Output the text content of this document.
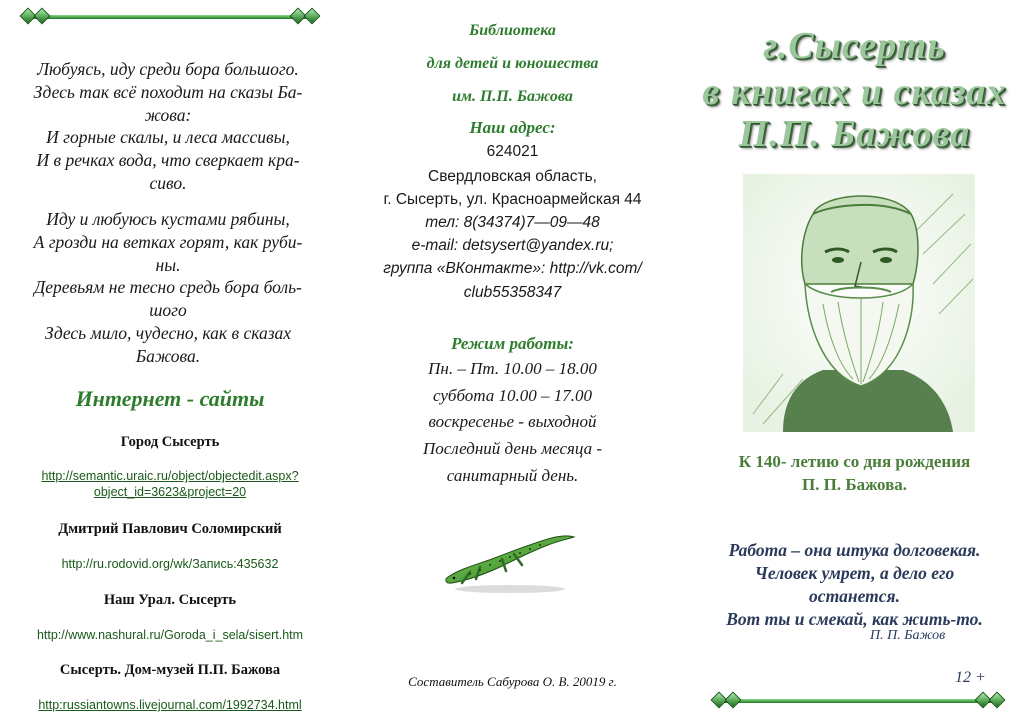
Любуясь, иду среди бора большого.
Здесь так всё походит на сказы Ба-
жова:
И горные скалы, и леса массивы,
И в речках вода, что сверкает кра-
сиво.
Иду и любуюсь кустами рябины,
А грозди на ветках горят, как руби-
ны.
Деревьям не тесно средь бора боль-
шого
Здесь мило, чудесно, как в сказах
Бажова.
Интернет - сайты
Город Сысерть
http://semantic.uraic.ru/object/objectedit.aspx?
object_id=3623&project=20
Дмитрий Павлович Соломирский
http://ru.rodovid.org/wk/Запись:435632
Наш Урал. Сысерть
http://www.nashural.ru/Goroda_i_sela/sisert.htm
Сысерть. Дом-музей П.П. Бажова
http:russiantowns.livejournal.com/1992734.html
Библиотека
для детей и юношества
им. П.П. Бажова
Наш адрес:
624021
Свердловская область,
г. Сысерть, ул. Красноармейская 44
тел: 8(34374)7—09—48
e-mail: detsysert@yandex.ru;
группа «ВКонтакте»: http://vk.com/
club55358347
Режим работы:
Пн. – Пт. 10.00 – 18.00
суббота 10.00 – 17.00
воскресенье - выходной
Последний день месяца -
санитарный день.
Составитель Сабурова О. В. 20019 г.
г.Сысерть
в книгах и сказах
П.П. Бажова
К 140- летию со дня рождения
П. П. Бажова.
Работа – она штука долговекая.
Человек умрет, а дело его
останется.
Вот ты и смекай, как жить-то.
П. П. Бажов
12 +
